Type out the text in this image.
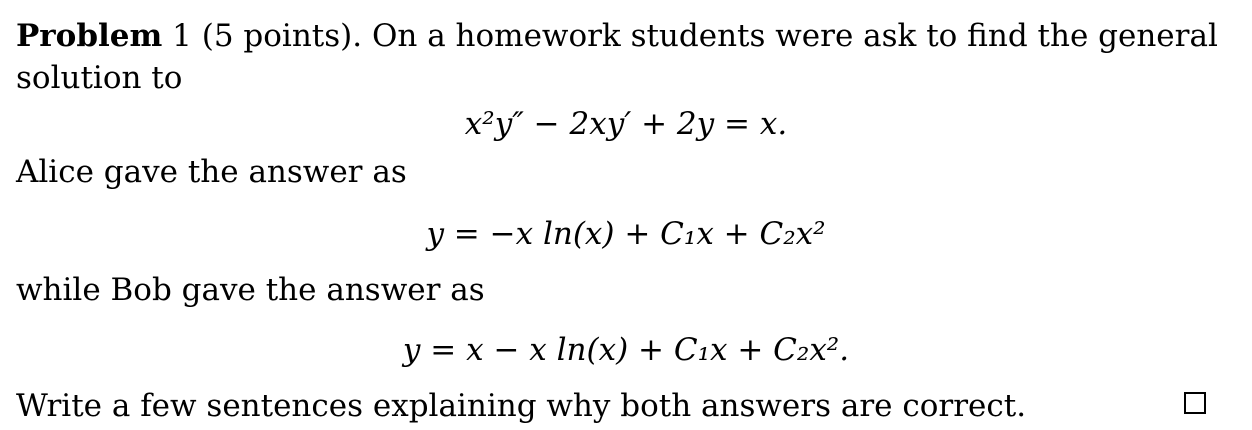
Problem 1 (5 points). On a homework students were ask to find the general
solution to
x²y″ − 2xy′ + 2y = x.
Alice gave the answer as
y = −x ln(x) + C₁x + C₂x²
while Bob gave the answer as
y = x − x ln(x) + C₁x + C₂x².
Write a few sentences explaining why both answers are correct.
